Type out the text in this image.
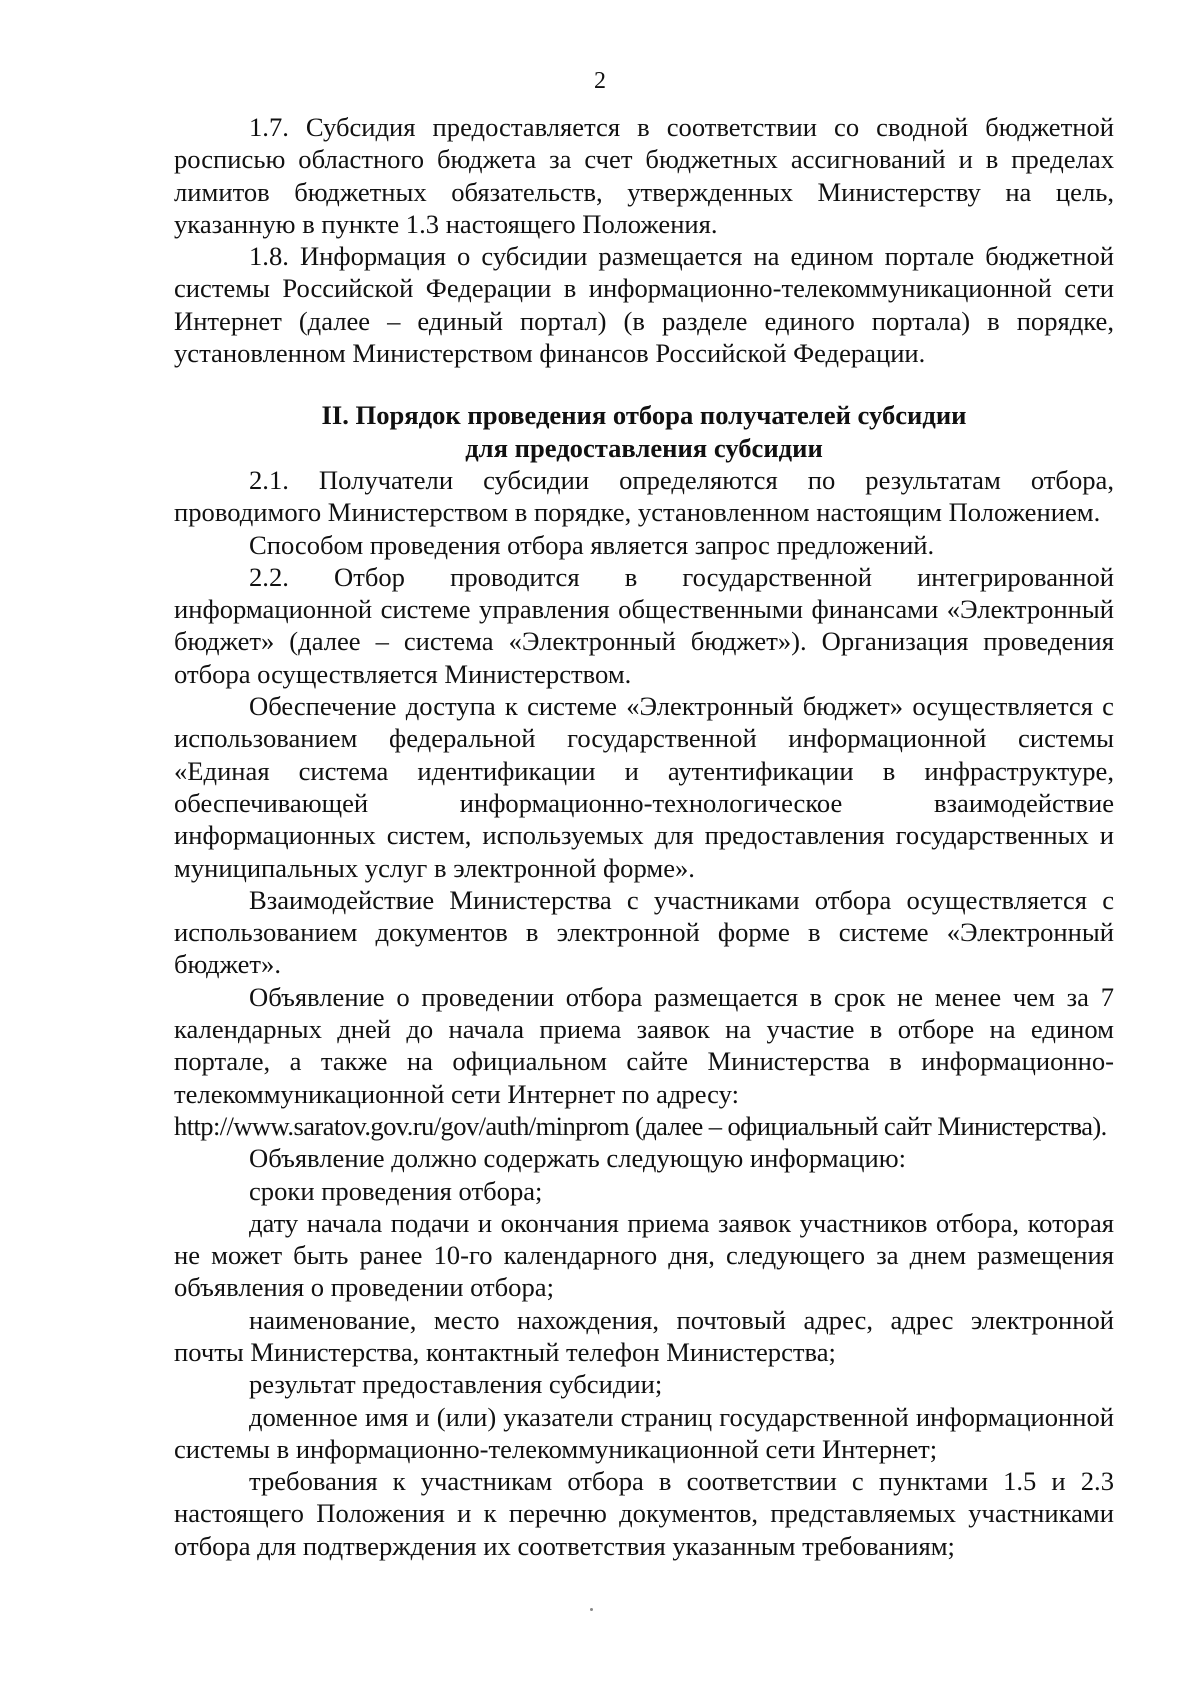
2

1.7. Субсидия предоставляется в соответствии со сводной бюджетной росписью областного бюджета за счет бюджетных ассигнований и в пределах лимитов бюджетных обязательств, утвержденных Министерству на цель, указанную в пункте 1.3 настоящего Положения.

1.8. Информация о субсидии размещается на едином портале бюджетной системы Российской Федерации в информационно-телекоммуникационной сети Интернет (далее – единый портал) (в разделе единого портала) в порядке, установленном Министерством финансов Российской Федерации.

II. Порядок проведения отбора получателей субсидии
для предоставления субсидии

2.1. Получатели субсидии определяются по результатам отбора, проводимого Министерством в порядке, установленном настоящим Положением.

Способом проведения отбора является запрос предложений.

2.2. Отбор проводится в государственной интегрированной информационной системе управления общественными финансами «Электронный бюджет» (далее – система «Электронный бюджет»). Организация проведения отбора осуществляется Министерством.

Обеспечение доступа к системе «Электронный бюджет» осуществляется с использованием федеральной государственной информационной системы «Единая система идентификации и аутентификации в инфраструктуре, обеспечивающей информационно-технологическое взаимодействие информационных систем, используемых для предоставления государственных и муниципальных услуг в электронной форме».

Взаимодействие Министерства с участниками отбора осуществляется с использованием документов в электронной форме в системе «Электронный бюджет».

Объявление о проведении отбора размещается в срок не менее чем за 7 календарных дней до начала приема заявок на участие в отборе на едином портале, а также на официальном сайте Министерства в информационно-телекоммуникационной сети Интернет по адресу:

http://www.saratov.gov.ru/gov/auth/minprom (далее – официальный сайт Министерства).

Объявление должно содержать следующую информацию:

сроки проведения отбора;

дату начала подачи и окончания приема заявок участников отбора, которая не может быть ранее 10-го календарного дня, следующего за днем размещения объявления о проведении отбора;

наименование, место нахождения, почтовый адрес, адрес электронной почты Министерства, контактный телефон Министерства;

результат предоставления субсидии;

доменное имя и (или) указатели страниц государственной информационной системы в информационно-телекоммуникационной сети Интернет;

требования к участникам отбора в соответствии с пунктами 1.5 и 2.3 настоящего Положения и к перечню документов, представляемых участниками отбора для подтверждения их соответствия указанным требованиям;
